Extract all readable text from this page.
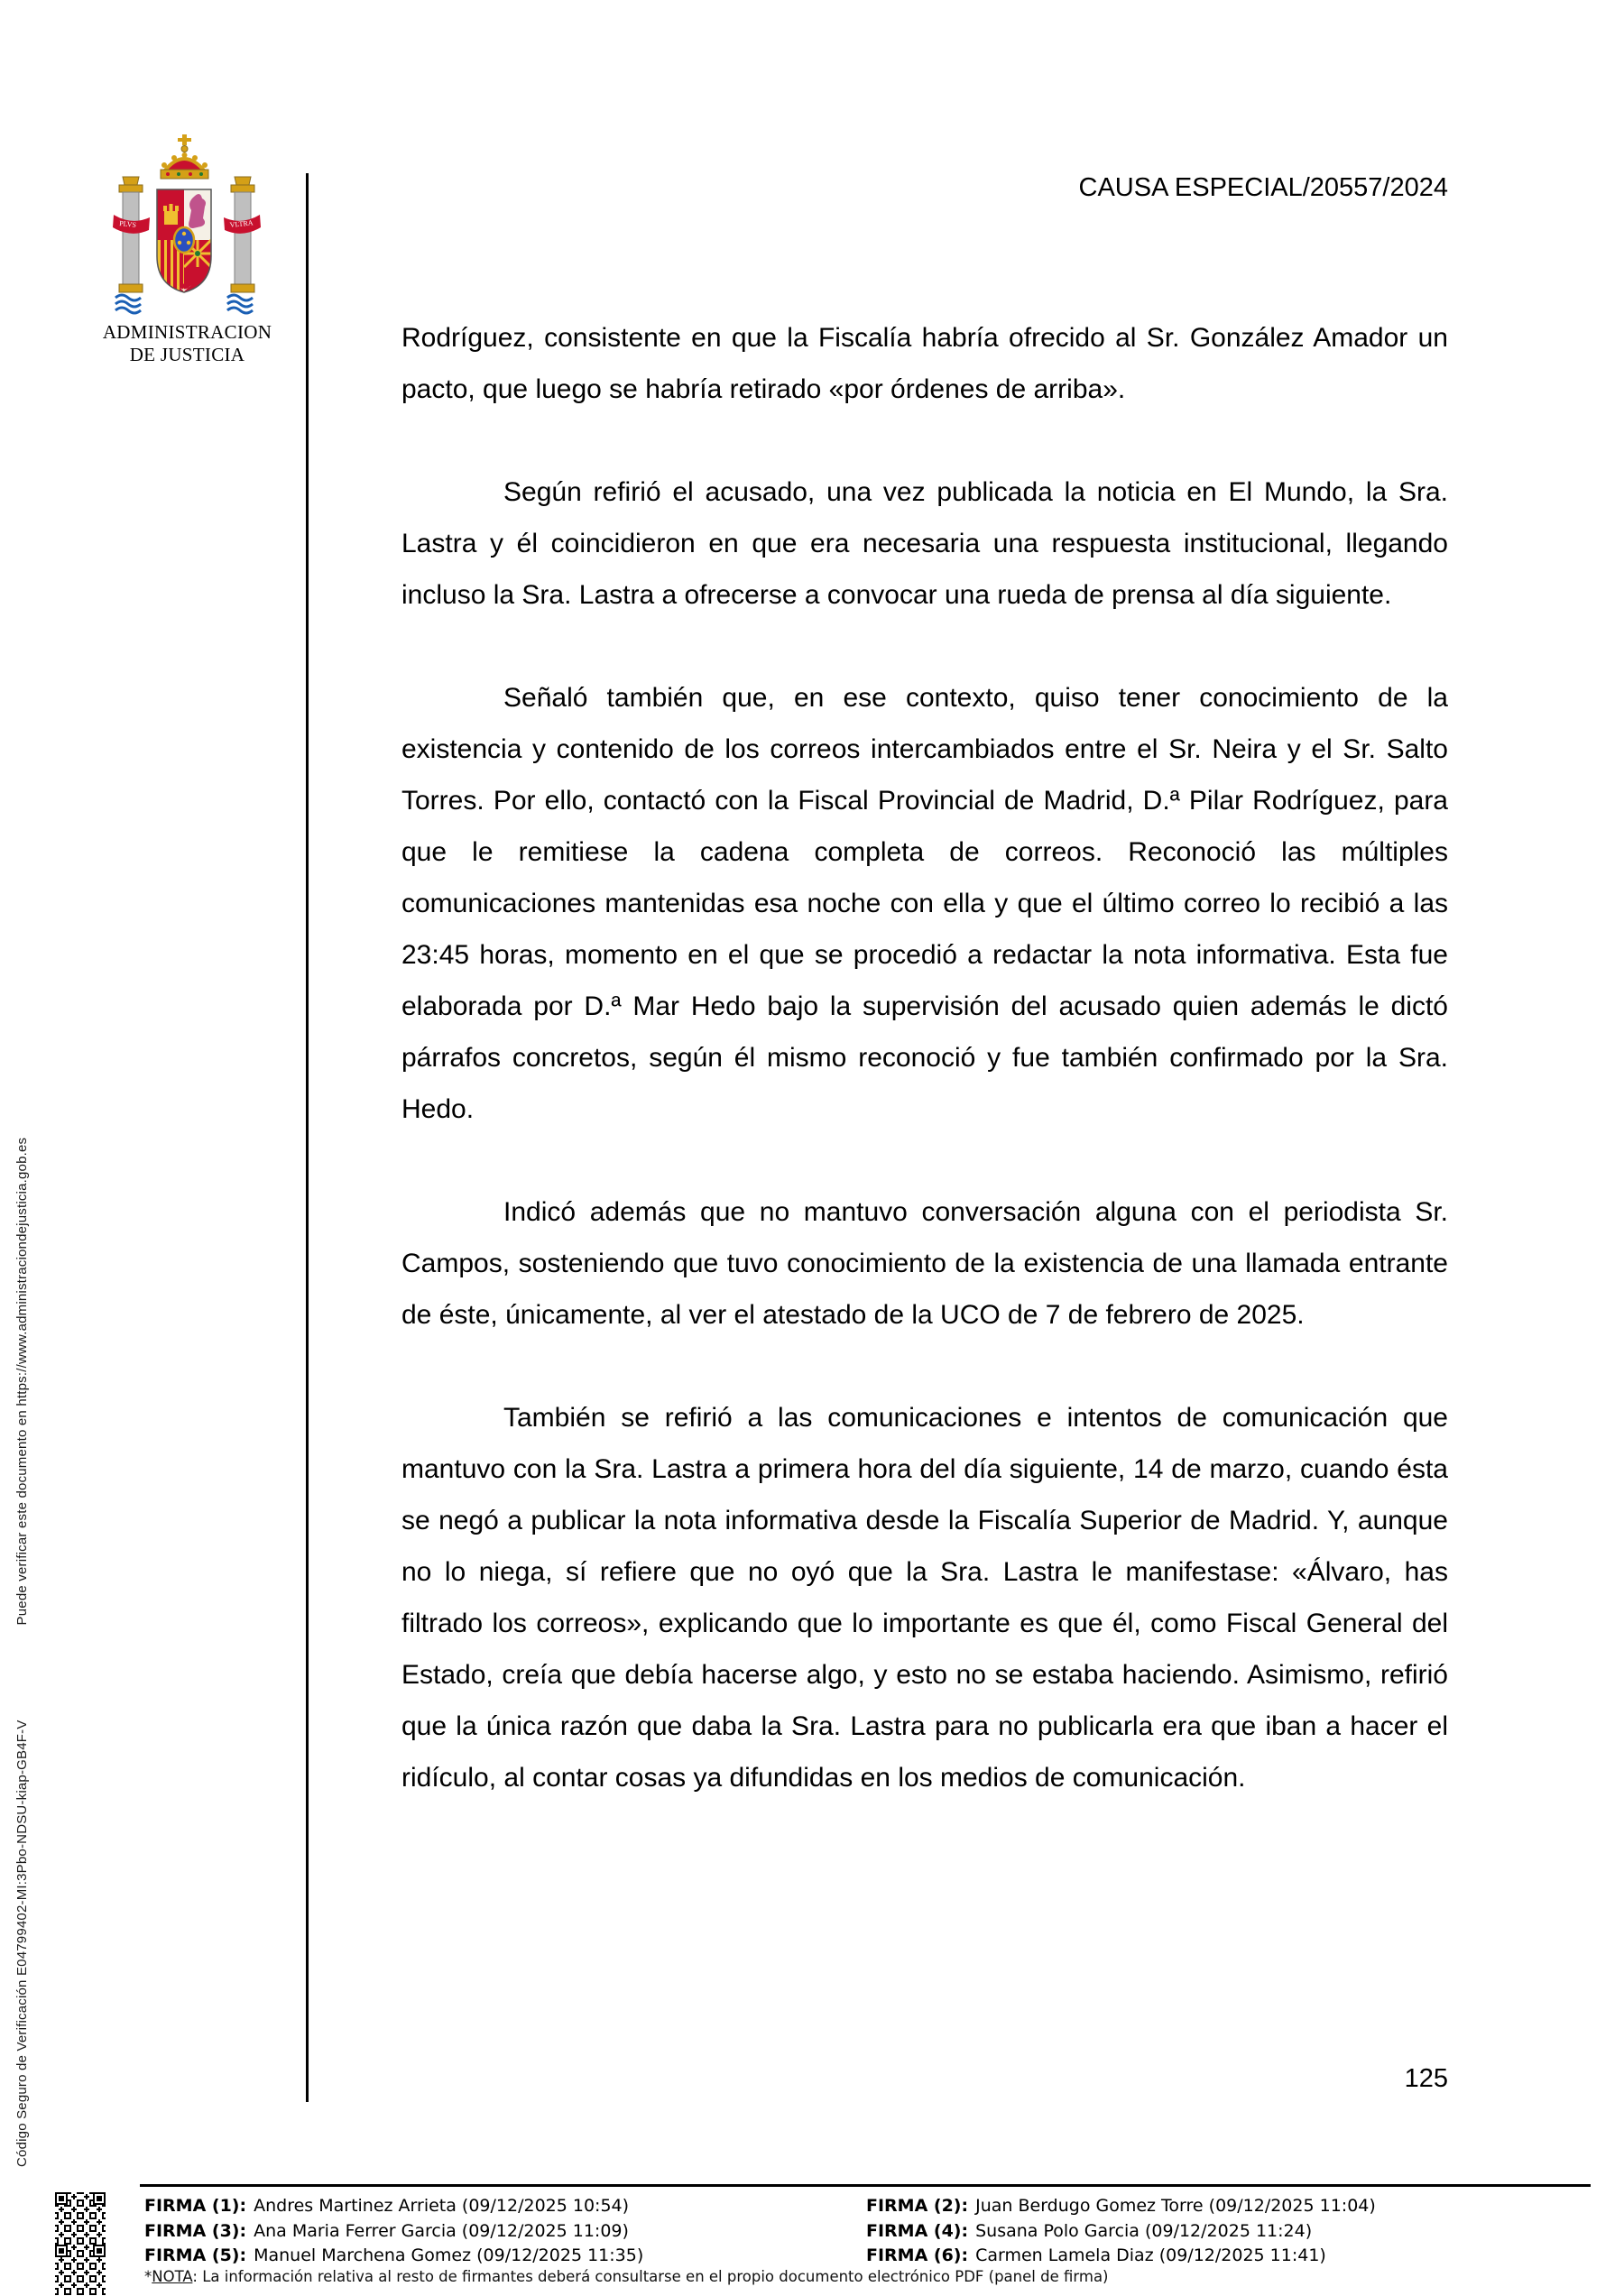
Código Seguro de Verificación E04799402-MI:3Pbo-NDSU-kiap-GB4F-VPuede verificar este documento en https://www.administraciondejusticia.gob.es
PLVS	VLTRA
ADMINISTRACION
DE JUSTICIA
CAUSA ESPECIAL/20557/2024

Rodríguez, consistente en que la Fiscalía habría ofrecido al Sr. González Amador un pacto, que luego se habría retirado «por órdenes de arriba».

Según refirió el acusado, una vez publicada la noticia en El Mundo, la Sra. Lastra y él coincidieron en que era necesaria una respuesta institucional, llegando incluso la Sra. Lastra a ofrecerse a convocar una rueda de prensa al día siguiente.

Señaló también que, en ese contexto, quiso tener conocimiento de la existencia y contenido de los correos intercambiados entre el Sr. Neira y el Sr. Salto Torres. Por ello, contactó con la Fiscal Provincial de Madrid, D.ª Pilar Rodríguez, para que le remitiese la cadena completa de correos. Reconoció las múltiples comunicaciones mantenidas esa noche con ella y que el último correo lo recibió a las 23:45 horas, momento en el que se procedió a redactar la nota informativa. Esta fue elaborada por D.ª Mar Hedo bajo la supervisión del acusado quien además le dictó párrafos concretos, según él mismo reconoció y fue también confirmado por la Sra. Hedo.

Indicó además que no mantuvo conversación alguna con el periodista Sr. Campos, sosteniendo que tuvo conocimiento de la existencia de una llamada entrante de éste, únicamente, al ver el atestado de la UCO de 7 de febrero de 2025.

También se refirió a las comunicaciones e intentos de comunicación que mantuvo con la Sra. Lastra a primera hora del día siguiente, 14 de marzo, cuando ésta se negó a publicar la nota informativa desde la Fiscalía Superior de Madrid. Y, aunque no lo niega, sí refiere que no oyó que la Sra. Lastra le manifestase: «Álvaro, has filtrado los correos», explicando que lo importante es que él, como Fiscal General del Estado, creía que debía hacerse algo, y esto no se estaba haciendo. Asimismo, refirió que la única razón que daba la Sra. Lastra para no publicarla era que iban a hacer el ridículo, al contar cosas ya difundidas en los medios de comunicación.

125
FIRMA (1): Andres Martinez Arrieta (09/12/2025 10:54)
FIRMA (3): Ana Maria Ferrer Garcia (09/12/2025 11:09)
FIRMA (5): Manuel Marchena Gomez (09/12/2025 11:35)
FIRMA (2): Juan Berdugo Gomez Torre (09/12/2025 11:04)
FIRMA (4): Susana Polo Garcia (09/12/2025 11:24)
FIRMA (6): Carmen Lamela Diaz (09/12/2025 11:41)
*NOTA: La información relativa al resto de firmantes deberá consultarse en el propio documento electrónico PDF (panel de firma)
